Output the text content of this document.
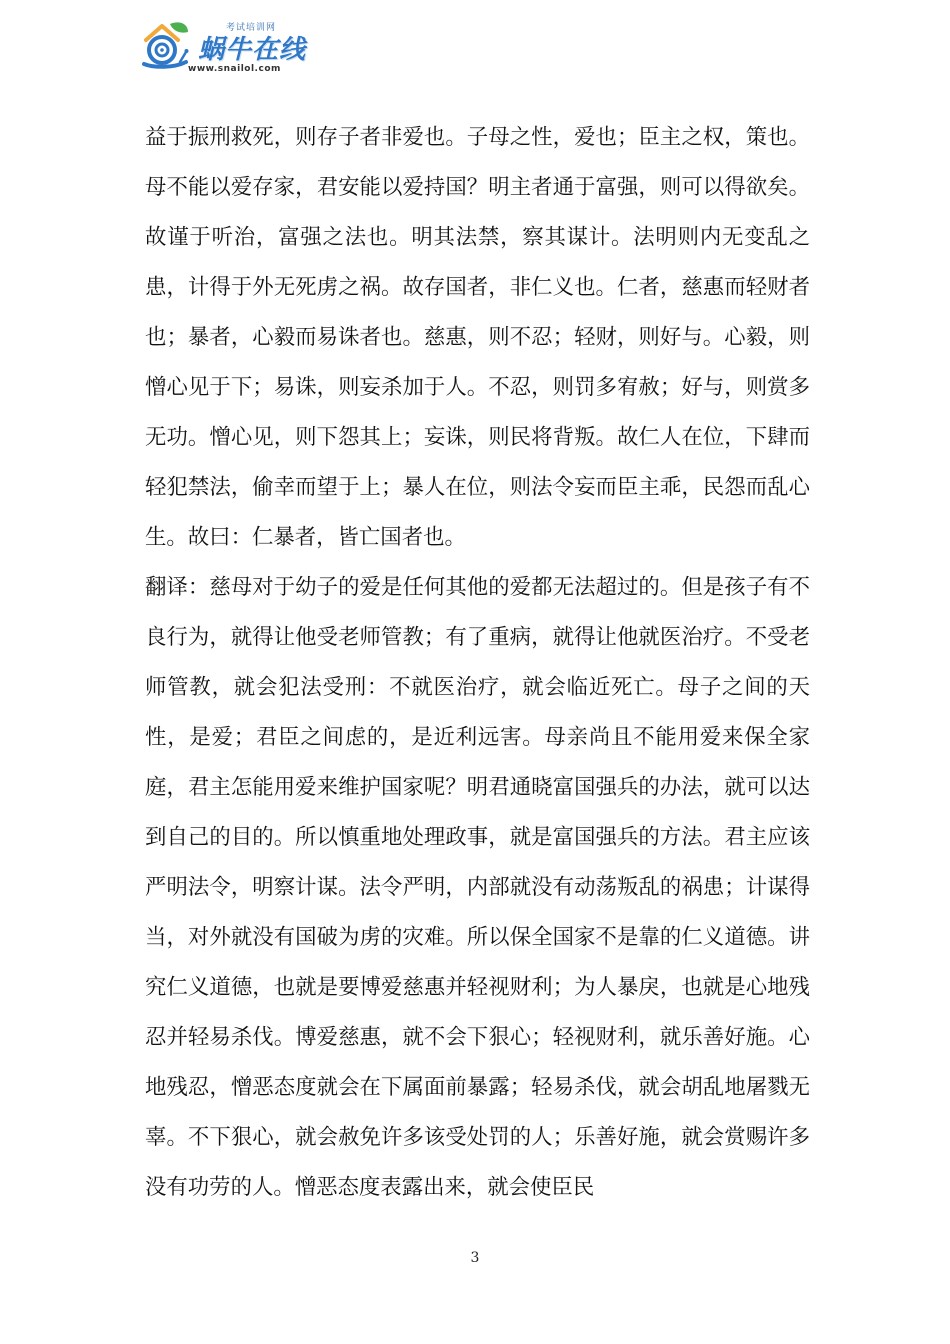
考试培训网
蜗牛在线
www.snailol.com

益于振刑救死，则存子者非爱也。子母之性，爱也；臣主之权，策也。母不能以爱存家，君安能以爱持国？明主者通于富强，则可以得欲矣。故谨于听治，富强之法也。明其法禁，察其谋计。法明则内无变乱之患，计得于外无死虏之祸。故存国者，非仁义也。仁者，慈惠而轻财者也；暴者，心毅而易诛者也。慈惠，则不忍；轻财，则好与。心毅，则憎心见于下；易诛，则妄杀加于人。不忍，则罚多宥赦；好与，则赏多无功。憎心见，则下怨其上；妄诛，则民将背叛。故仁人在位，下肆而轻犯禁法，偷幸而望于上；暴人在位，则法令妄而臣主乖，民怨而乱心生。故曰：仁暴者，皆亡国者也。

翻译：慈母对于幼子的爱是任何其他的爱都无法超过的。但是孩子有不良行为，就得让他受老师管教；有了重病，就得让他就医治疗。不受老师管教，就会犯法受刑：不就医治疗，就会临近死亡。母子之间的天性，是爱；君臣之间虑的，是近利远害。母亲尚且不能用爱来保全家庭，君主怎能用爱来维护国家呢？明君通晓富国强兵的办法，就可以达到自己的目的。所以慎重地处理政事，就是富国强兵的方法。君主应该严明法令，明察计谋。法令严明，内部就没有动荡叛乱的祸患；计谋得当，对外就没有国破为虏的灾难。所以保全国家不是靠的仁义道德。讲究仁义道德，也就是要博爱慈惠并轻视财利；为人暴戾，也就是心地残忍并轻易杀伐。博爱慈惠，就不会下狠心；轻视财利，就乐善好施。心地残忍，憎恶态度就会在下属面前暴露；轻易杀伐，就会胡乱地屠戮无辜。不下狠心，就会赦免许多该受处罚的人；乐善好施，就会赏赐许多没有功劳的人。憎恶态度表露出来，就会使臣民

3
